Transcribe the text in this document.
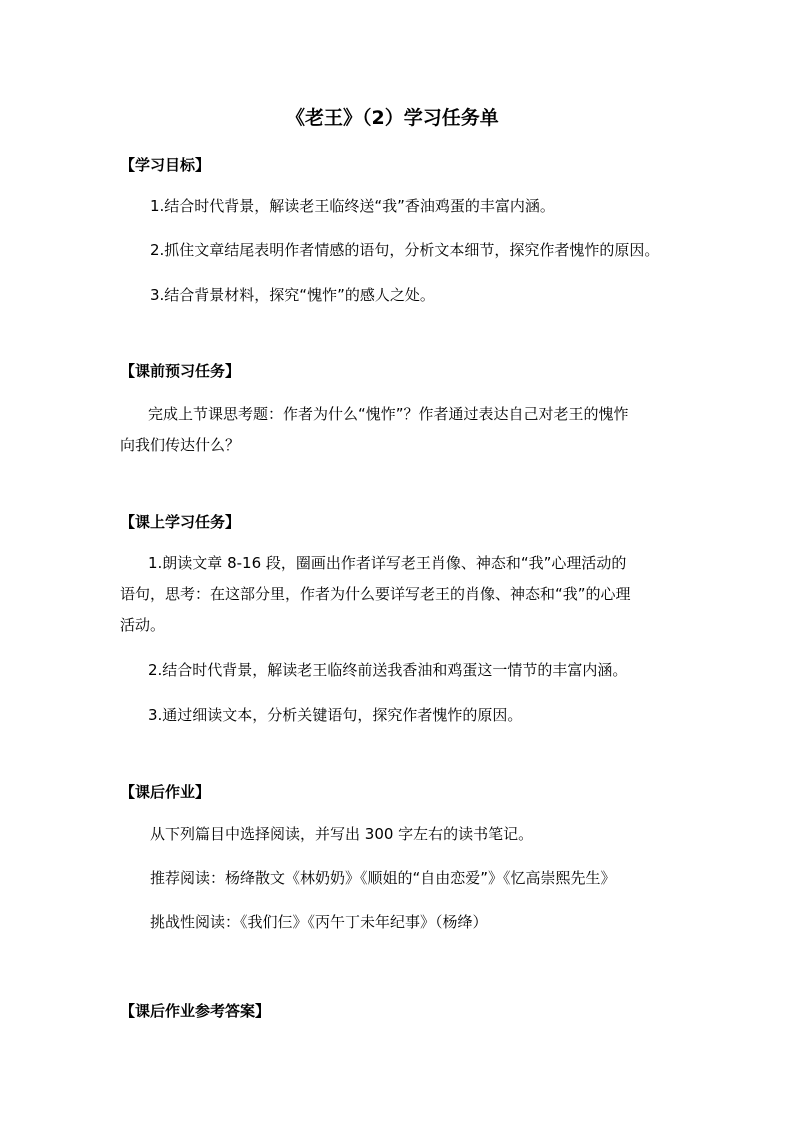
《老王》（2）学习任务单
【学习目标】
1.结合时代背景，解读老王临终送“我”香油鸡蛋的丰富内涵。
2.抓住文章结尾表明作者情感的语句，分析文本细节，探究作者愧怍的原因。
3.结合背景材料，探究“愧怍”的感人之处。
【课前预习任务】
完成上节课思考题：作者为什么“愧怍”？作者通过表达自己对老王的愧怍
向我们传达什么？
【课上学习任务】
1.朗读文章 8-16 段，圈画出作者详写老王肖像、神态和“我”心理活动的
语句，思考：在这部分里，作者为什么要详写老王的肖像、神态和“我”的心理
活动。
2.结合时代背景，解读老王临终前送我香油和鸡蛋这一情节的丰富内涵。
3.通过细读文本，分析关键语句，探究作者愧怍的原因。
【课后作业】
从下列篇目中选择阅读，并写出 300 字左右的读书笔记。
推荐阅读：杨绛散文《林奶奶》《顺姐的“自由恋爱”》《忆高崇熙先生》
挑战性阅读：《我们仨》《丙午丁未年纪事》（杨绛）
【课后作业参考答案】
